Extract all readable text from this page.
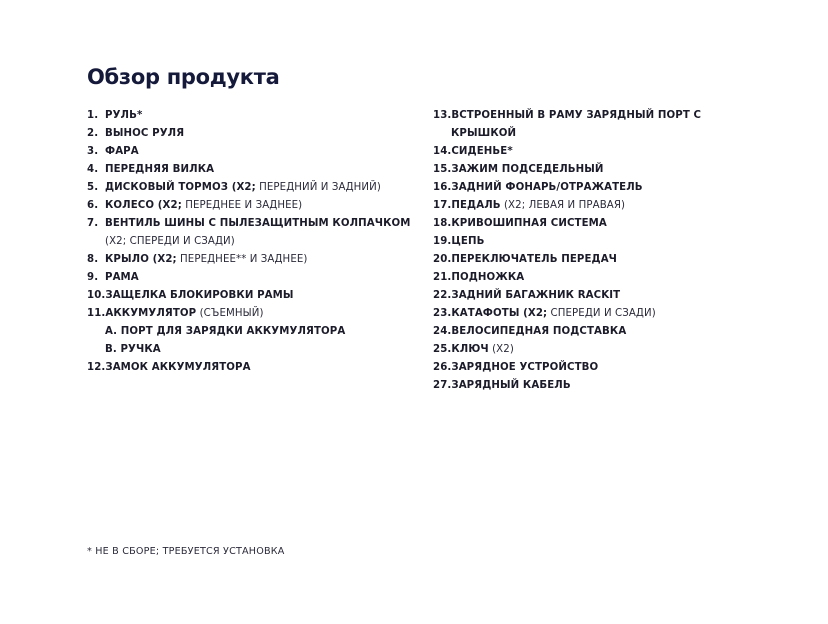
Обзор продукта
1. РУЛЬ*
2. ВЫНОС РУЛЯ
3. ФАРА
4. ПЕРЕДНЯЯ ВИЛКА
5. ДИСКОВЫЙ ТОРМОЗ (X2; ПЕРЕДНИЙ И ЗАДНИЙ)
6. КОЛЕСО (X2; ПЕРЕДНЕЕ И ЗАДНЕЕ)
7. ВЕНТИЛЬ ШИНЫ С ПЫЛЕЗАЩИТНЫМ КОЛПАЧКОМ
(X2; СПЕРЕДИ И СЗАДИ)
8. КРЫЛО (X2; ПЕРЕДНЕЕ** И ЗАДНЕЕ)
9. РАМА
10. ЗАЩЕЛКА БЛОКИРОВКИ РАМЫ
11. АККУМУЛЯТОР (СЪЕМНЫЙ)
A. ПОРТ ДЛЯ ЗАРЯДКИ АККУМУЛЯТОРА
B. РУЧКА
12. ЗАМОК АККУМУЛЯТОРА
13. ВСТРОЕННЫЙ В РАМУ ЗАРЯДНЫЙ ПОРТ С
КРЫШКОЙ
14. СИДЕНЬЕ*
15. ЗАЖИМ ПОДСЕДЕЛЬНЫЙ
16. ЗАДНИЙ ФОНАРЬ/ОТРАЖАТЕЛЬ
17. ПЕДАЛЬ (X2; ЛЕВАЯ И ПРАВАЯ)
18. КРИВОШИПНАЯ СИСТЕМА
19. ЦЕПЬ
20. ПЕРЕКЛЮЧАТЕЛЬ ПЕРЕДАЧ
21. ПОДНОЖКА
22. ЗАДНИЙ БАГАЖНИК RACKIT
23. КАТАФОТЫ (X2; СПЕРЕДИ И СЗАДИ)
24. ВЕЛОСИПЕДНАЯ ПОДСТАВКА
25. КЛЮЧ (X2)
26. ЗАРЯДНОЕ УСТРОЙСТВО
27. ЗАРЯДНЫЙ КАБЕЛЬ
* НЕ В СБОРЕ; ТРЕБУЕТСЯ УСТАНОВКА
